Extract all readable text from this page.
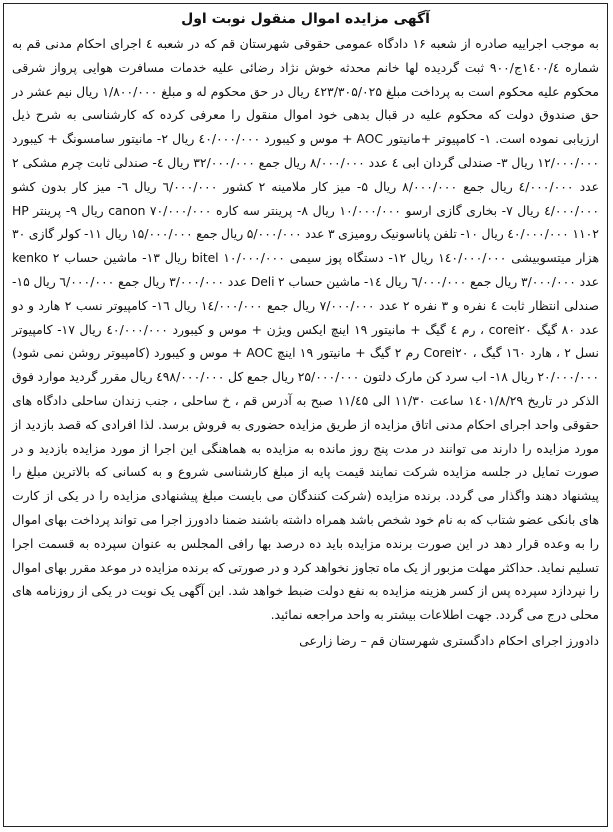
آگهی مزایده اموال منقول نوبت اول

به موجب اجراییه صادره از شعبه ۱۶ دادگاه عمومی حقوقی شهرستان قم که در شعبه ٤ اجرای احکام مدنی قم به شماره ۱٤۰۰/٤ج/۹۰۰ ثبت گردیده لها خانم محدثه خوش نژاد رضائی علیه خدمات مسافرت هوایی پرواز شرقی محکوم علیه محکوم است به پرداخت مبلغ ٤۲۳/۳۰۵/۰۲۵ ریال در حق محکوم له و مبلغ ۱/۸۰۰/۰۰۰ ریال نیم عشر در حق صندوق دولت که محکوم علیه در قبال بدهی خود اموال منقول را معرفی کرده که کارشناسی به شرح ذیل ارزیابی نموده است. ۱- کامپیوتر +مانیتور AOC + موس و کیبورد ٤۰/۰۰۰/۰۰۰ ریال ۲- مانیتور سامسونگ + کیبورد ۱۲/۰۰۰/۰۰۰ ریال ۳- صندلی گردان ابی ٤ عدد ۸/۰۰۰/۰۰۰ ریال جمع ۳۲/۰۰۰/۰۰۰ ریال ٤- صندلی ثابت چرم مشکی ۲ عدد ٤/۰۰۰/۰۰۰ ریال جمع ۸/۰۰۰/۰۰۰ ریال ۵- میز کار ملامینه ۲ کشور ٦/۰۰۰/۰۰۰ ریال ٦- میز کار بدون کشو ٤/۰۰۰/۰۰۰ ریال ۷- بخاری گازی ارسو ۱۰/۰۰۰/۰۰۰ ریال ۸- پرینتر سه کاره canon ۷۰/۰۰۰/۰۰۰ ریال ۹- پرینتر HP ۱۱۰۲ ٤۰/۰۰۰/۰۰۰ ریال ۱۰- تلفن پاناسونیک رومیزی ۳ عدد ۵/۰۰۰/۰۰۰ ریال جمع ۱۵/۰۰۰/۰۰۰ ریال ۱۱- کولر گازی ۳۰ هزار میتسوبیشی ۱٤۰/۰۰۰/۰۰۰ ریال ۱۲- دستگاه پوز سیمی bitel ۱۰/۰۰۰/۰۰۰ ریال ۱۳- ماشین حساب kenko ۲ عدد ۳/۰۰۰/۰۰۰ ریال جمع ٦/۰۰۰/۰۰۰ ریال ۱٤- ماشین حساب Deli ۲ عدد ۳/۰۰۰/۰۰۰ ریال جمع ٦/۰۰۰/۰۰۰ ریال ۱۵- صندلی انتظار ثابت ٤ نفره و ۳ نفره ۲ عدد ۷/۰۰۰/۰۰۰ ریال جمع ۱٤/۰۰۰/۰۰۰ ریال ۱٦- کامپیوتر نسب ۲ هارد و دو عدد ۸۰ گیگ corei۲۰ ، رم ٤ گیگ + مانیتور ۱۹ اینچ ایکس ویژن + موس و کیبورد ٤۰/۰۰۰/۰۰۰ ریال ۱۷- کامپیوتر نسل ۲ ، هارد ۱٦۰ گیگ ، Corei۲۰ رم ۲ گیگ + مانیتور ۱۹ اینچ AOC + موس و کیبورد (کامپیوتر روشن نمی شود) ۲۰/۰۰۰/۰۰۰ ریال ۱۸- اب سرد کن مارک دلتون ۲۵/۰۰۰/۰۰۰ ریال جمع کل ٤۹۸/۰۰۰/۰۰۰ ریال مقرر گردید موارد فوق الذکر در تاریخ ۱٤۰۱/۸/۲۹ ساعت ۱۱/۳۰ الی ۱۱/٤۵ صبح به آدرس قم ، خ ساحلی ، جنب زندان ساحلی دادگاه های حقوقی واحد اجرای احکام مدنی اتاق مزایده از طریق مزایده حضوری به فروش برسد. لذا افرادی که قصد بازدید از مورد مزایده را دارند می توانند در مدت پنج روز مانده به مزایده به هماهنگی این اجرا از مورد مزایده بازدید و در صورت تمایل در جلسه مزایده شرکت نمایند قیمت پایه از مبلغ کارشناسی شروع و به کسانی که بالاترین مبلغ را پیشنهاد دهند واگذار می گردد. برنده مزایده (شرکت کنندگان می بایست مبلغ پیشنهادی مزایده را در یکی از کارت های بانکی عضو شتاب که به نام خود شخص باشد همراه داشته باشند ضمنا دادورز اجرا می تواند پرداخت بهای اموال را به وعده قرار دهد در این صورت برنده مزایده باید ده درصد بها رافی المجلس به عنوان سپرده به قسمت اجرا تسلیم نماید. حداکثر مهلت مزبور از یک ماه تجاوز نخواهد کرد و در صورتی که برنده مزایده در موعد مقرر بهای اموال را نپردازد سپرده پس از کسر هزینه مزایده به نفع دولت ضبط خواهد شد. این آگهی یک نوبت در یکی از روزنامه های محلی درج می گردد. جهت اطلاعات بیشتر به واحد مراجعه نمائید.

دادورز اجرای احکام دادگستری شهرستان قم – رضا زارعی
